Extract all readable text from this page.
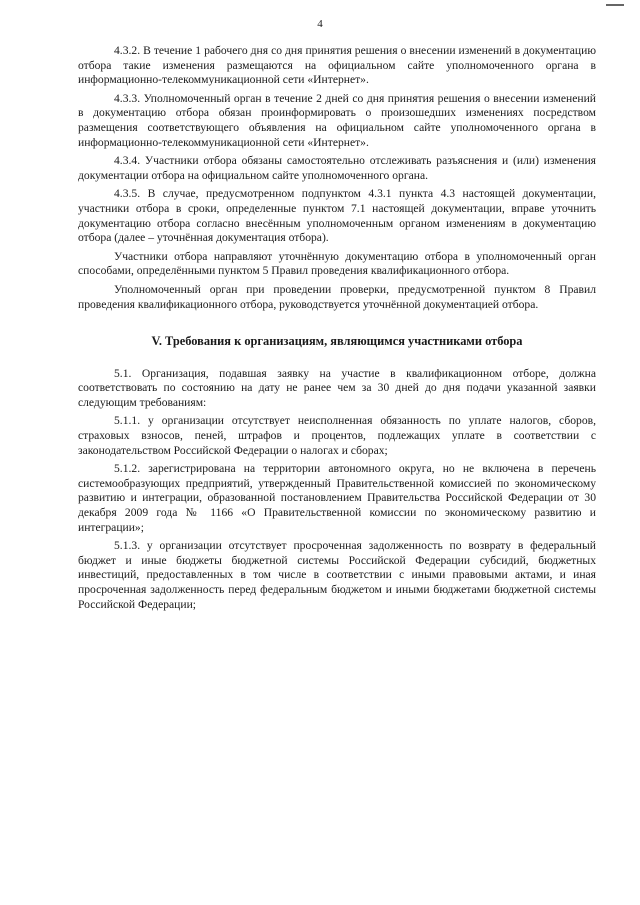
4

4.3.2. В течение 1 рабочего дня со дня принятия решения о внесении изменений в документацию отбора такие изменения размещаются на официальном сайте уполномоченного органа в информационно-телекоммуникационной сети «Интернет».

4.3.3. Уполномоченный орган в течение 2 дней со дня принятия решения о внесении изменений в документацию отбора обязан проинформировать о произошедших изменениях посредством размещения соответствующего объявления на официальном сайте уполномоченного органа в информационно-телекоммуникационной сети «Интернет».

4.3.4. Участники отбора обязаны самостоятельно отслеживать разъяснения и (или) изменения документации отбора на официальном сайте уполномоченного органа.

4.3.5. В случае, предусмотренном подпунктом 4.3.1 пункта 4.3 настоящей документации, участники отбора в сроки, определенные пунктом 7.1 настоящей документации, вправе уточнить документацию отбора согласно внесённым уполномоченным органом изменениям в документацию отбора (далее – уточнённая документация отбора).

Участники отбора направляют уточнённую документацию отбора в уполномоченный орган способами, определёнными пунктом 5 Правил проведения квалификационного отбора.

Уполномоченный орган при проведении проверки, предусмотренной пунктом 8 Правил проведения квалификационного отбора, руководствуется уточнённой документацией отбора.

V. Требования к организациям, являющимся участниками отбора

5.1. Организация, подавшая заявку на участие в квалификационном отборе, должна соответствовать по состоянию на дату не ранее чем за 30 дней до дня подачи указанной заявки следующим требованиям:

5.1.1. у организации отсутствует неисполненная обязанность по уплате налогов, сборов, страховых взносов, пеней, штрафов и процентов, подлежащих уплате в соответствии с законодательством Российской Федерации о налогах и сборах;

5.1.2. зарегистрирована на территории автономного округа, но не включена в перечень системообразующих предприятий, утвержденный Правительственной комиссией по экономическому развитию и интеграции, образованной постановлением Правительства Российской Федерации от 30 декабря 2009 года № 1166 «О Правительственной комиссии по экономическому развитию и интеграции»;

5.1.3. у организации отсутствует просроченная задолженность по возврату в федеральный бюджет и иные бюджеты бюджетной системы Российской Федерации субсидий, бюджетных инвестиций, предоставленных в том числе в соответствии с иными правовыми актами, и иная просроченная задолженность перед федеральным бюджетом и иными бюджетами бюджетной системы Российской Федерации;
